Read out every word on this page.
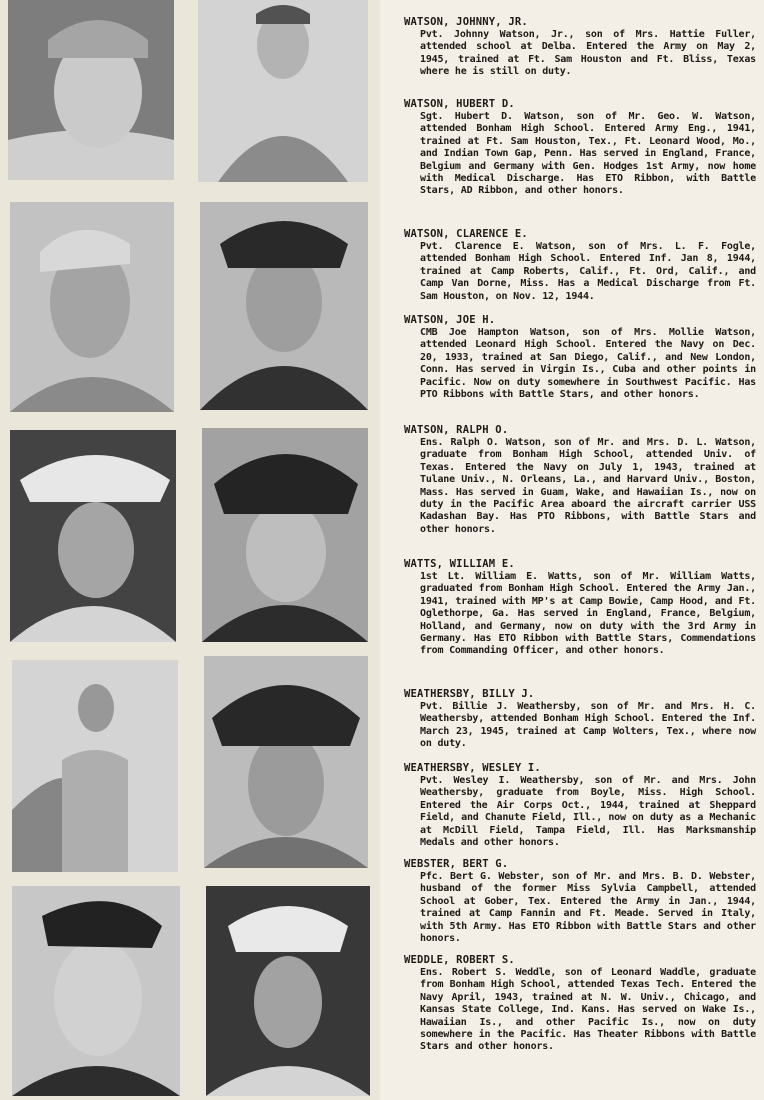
WATSON, JOHNNY, JR.
Pvt. Johnny Watson, Jr., son of Mrs. Hattie Fuller, attended school at Delba. Entered the Army on May 2, 1945, trained at Ft. Sam Houston and Ft. Bliss, Texas where he is still on duty.
WATSON, HUBERT D.
Sgt. Hubert D. Watson, son of Mr. Geo. W. Watson, attended Bonham High School. Entered Army Eng., 1941, trained at Ft. Sam Houston, Tex., Ft. Leonard Wood, Mo., and Indian Town Gap, Penn. Has served in England, France, Belgium and Germany with Gen. Hodges 1st Army, now home with Medical Discharge. Has ETO Ribbon, with Battle Stars, AD Ribbon, and other honors.
WATSON, CLARENCE E.
Pvt. Clarence E. Watson, son of Mrs. L. F. Fogle, attended Bonham High School. Entered Inf. Jan 8, 1944, trained at Camp Roberts, Calif., Ft. Ord, Calif., and Camp Van Dorne, Miss. Has a Medical Discharge from Ft. Sam Houston, on Nov. 12, 1944.
WATSON, JOE H.
CMB Joe Hampton Watson, son of Mrs. Mollie Watson, attended Leonard High School. Entered the Navy on Dec. 20, 1933, trained at San Diego, Calif., and New London, Conn. Has served in Virgin Is., Cuba and other points in Pacific. Now on duty somewhere in Southwest Pacific. Has PTO Ribbons with Battle Stars, and other honors.
WATSON, RALPH O.
Ens. Ralph O. Watson, son of Mr. and Mrs. D. L. Watson, graduate from Bonham High School, attended Univ. of Texas. Entered the Navy on July 1, 1943, trained at Tulane Univ., N. Orleans, La., and Harvard Univ., Boston, Mass. Has served in Guam, Wake, and Hawaiian Is., now on duty in the Pacific Area aboard the aircraft carrier USS Kadashan Bay. Has PTO Ribbons, with Battle Stars and other honors.
WATTS, WILLIAM E.
1st Lt. William E. Watts, son of Mr. William Watts, graduated from Bonham High School. Entered the Army Jan., 1941, trained with MP's at Camp Bowie, Camp Hood, and Ft. Oglethorpe, Ga. Has served in England, France, Belgium, Holland, and Germany, now on duty with the 3rd Army in Germany. Has ETO Ribbon with Battle Stars, Commendations from Commanding Officer, and other honors.
WEATHERSBY, BILLY J.
Pvt. Billie J. Weathersby, son of Mr. and Mrs. H. C. Weathersby, attended Bonham High School. Entered the Inf. March 23, 1945, trained at Camp Wolters, Tex., where now on duty.
WEATHERSBY, WESLEY I.
Pvt. Wesley I. Weathersby, son of Mr. and Mrs. John Weathersby, graduate from Boyle, Miss. High School. Entered the Air Corps Oct., 1944, trained at Sheppard Field, and Chanute Field, Ill., now on duty as a Mechanic at McDill Field, Tampa Field, Ill. Has Marksmanship Medals and other honors.
WEBSTER, BERT G.
Pfc. Bert G. Webster, son of Mr. and Mrs. B. D. Webster, husband of the former Miss Sylvia Campbell, attended School at Gober, Tex. Entered the Army in Jan., 1944, trained at Camp Fannin and Ft. Meade. Served in Italy, with 5th Army. Has ETO Ribbon with Battle Stars and other honors.
WEDDLE, ROBERT S.
Ens. Robert S. Weddle, son of Leonard Waddle, graduate from Bonham High School, attended Texas Tech. Entered the Navy April, 1943, trained at N. W. Univ., Chicago, and Kansas State College, Ind. Kans. Has served on Wake Is., Hawaiian Is., and other Pacific Is., now on duty somewhere in the Pacific. Has Theater Ribbons with Battle Stars and other honors.
